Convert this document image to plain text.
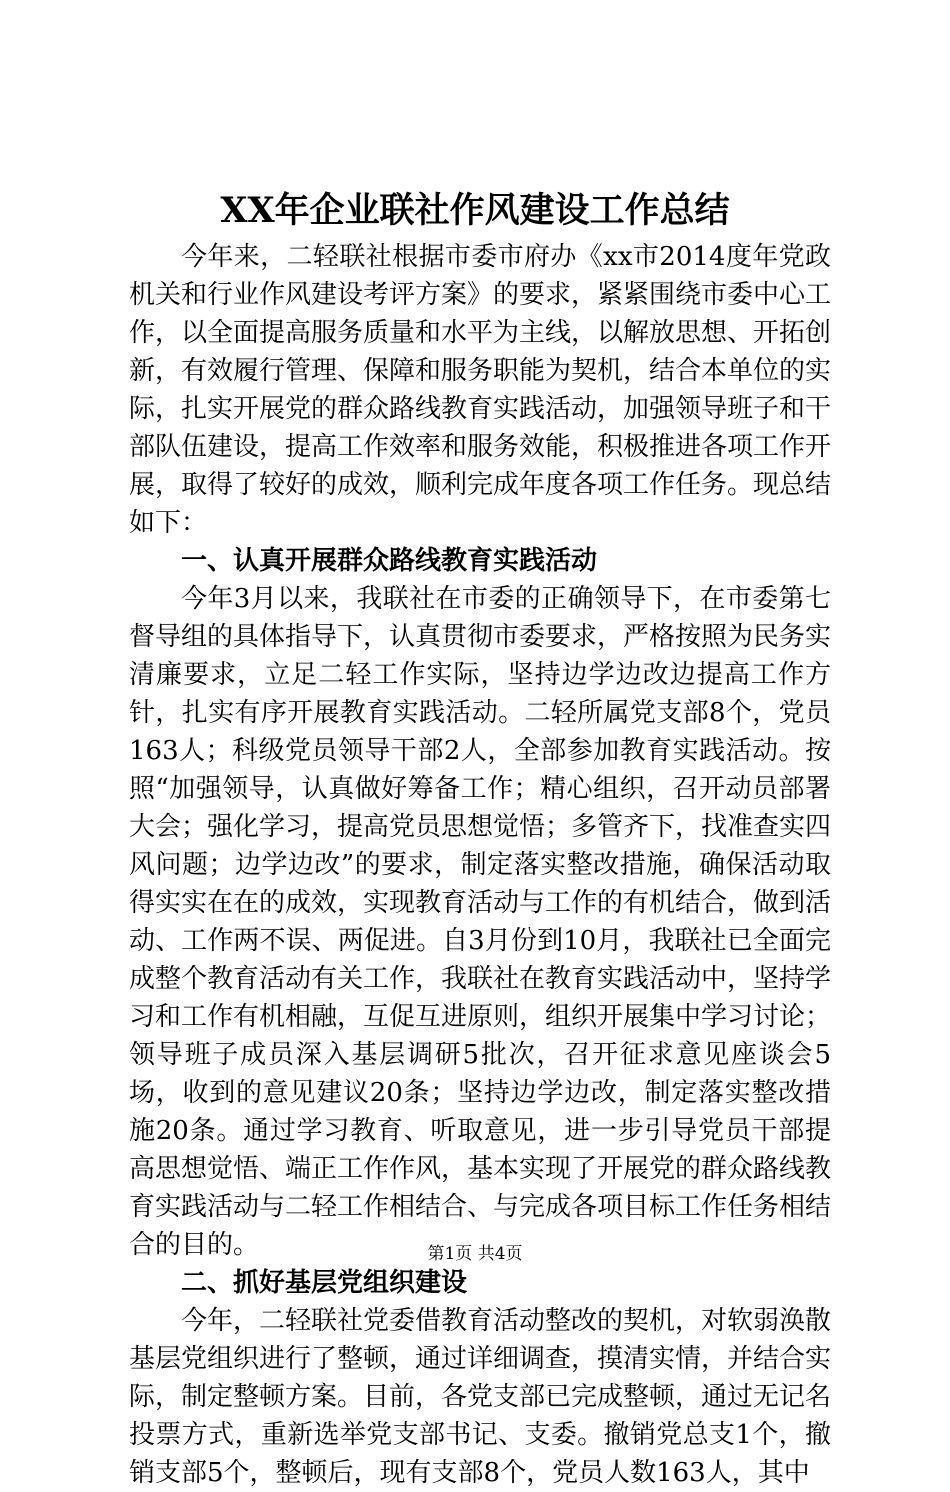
XX年企业联社作风建设工作总结

今年来，二轻联社根据市委市府办《xx市2014度年党政机关和行业作风建设考评方案》的要求，紧紧围绕市委中心工作，以全面提高服务质量和水平为主线，以解放思想、开拓创新，有效履行管理、保障和服务职能为契机，结合本单位的实际，扎实开展党的群众路线教育实践活动，加强领导班子和干部队伍建设，提高工作效率和服务效能，积极推进各项工作开展，取得了较好的成效，顺利完成年度各项工作任务。现总结如下：

一、认真开展群众路线教育实践活动

今年3月以来，我联社在市委的正确领导下，在市委第七督导组的具体指导下，认真贯彻市委要求，严格按照为民务实清廉要求，立足二轻工作实际，坚持边学边改边提高工作方针，扎实有序开展教育实践活动。二轻所属党支部8个，党员163人；科级党员领导干部2人，全部参加教育实践活动。按照“加强领导，认真做好筹备工作；精心组织，召开动员部署大会；强化学习，提高党员思想觉悟；多管齐下，找准查实四风问题；边学边改”的要求，制定落实整改措施，确保活动取得实实在在的成效，实现教育活动与工作的有机结合，做到活动、工作两不误、两促进。自3月份到10月，我联社已全面完成整个教育活动有关工作，我联社在教育实践活动中，坚持学习和工作有机相融，互促互进原则，组织开展集中学习讨论；领导班子成员深入基层调研5批次，召开征求意见座谈会5场，收到的意见建议20条；坚持边学边改，制定落实整改措施20条。通过学习教育、听取意见，进一步引导党员干部提高思想觉悟、端正工作作风，基本实现了开展党的群众路线教育实践活动与二轻工作相结合、与完成各项目标工作任务相结合的目的。

二、抓好基层党组织建设

今年，二轻联社党委借教育活动整改的契机，对软弱涣散基层党组织进行了整顿，通过详细调查，摸清实情，并结合实际，制定整顿方案。目前，各党支部已完成整顿，通过无记名投票方式，重新选举党支部书记、支委。撤销党总支1个，撤销支部5个，整顿后，现有支部8个，党员人数163人，其中

第1页 共4页
